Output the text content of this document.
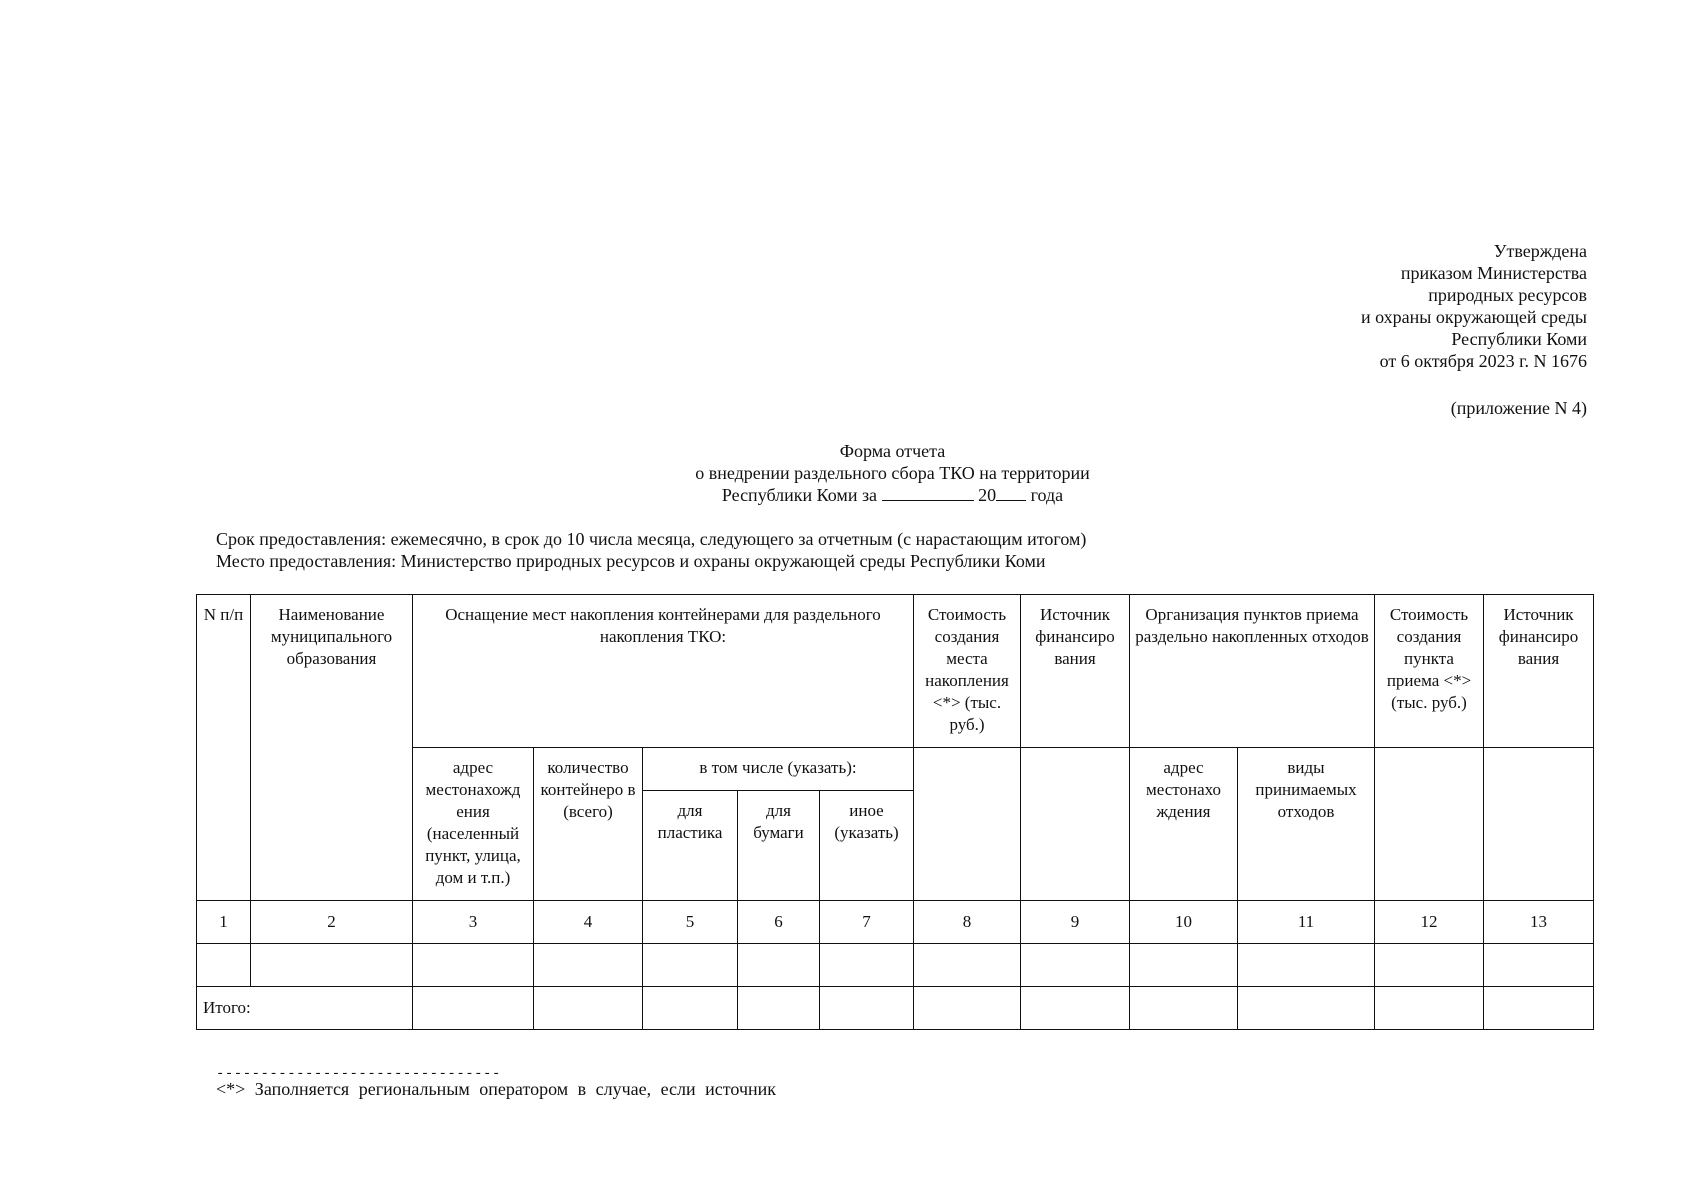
Утверждена
приказом Министерства
природных ресурсов
и охраны окружающей среды
Республики Коми
от 6 октября 2023 г. N 1676
(приложение N 4)
Форма отчета
о внедрении раздельного сбора ТКО на территории
Республики Коми за	20 года
Срок предоставления: ежемесячно, в срок до 10 числа месяца, следующего за отчетным (с нарастающим итогом)
Место предоставления: Министерство природных ресурсов и охраны окружающей среды Республики Коми
N п/п	Наименование муниципального образования	Оснащение мест накопления контейнерами для раздельного накопления ТКО:					Стоимость создания места накопления <*> (тыс. руб.)	Источник финансиро вания	Организация пунктов приема раздельно накопленных отходов		Стоимость создания пункта приема <*> (тыс. руб.)	Источник финансиро вания
		адрес местонахожд ения (населенный пункт, улица, дом и т.п.)	количество контейнеро в (всего)	в том числе (указать):					адрес местонахо ждения	виды принимаемых отходов		
				для пластика	для бумаги	иное (указать)						
1	2	3	4	5	6	7	8	9	10	11	12	13

Итого:												
--------------------------------
<*> Заполняется региональным оператором в случае, если источник
